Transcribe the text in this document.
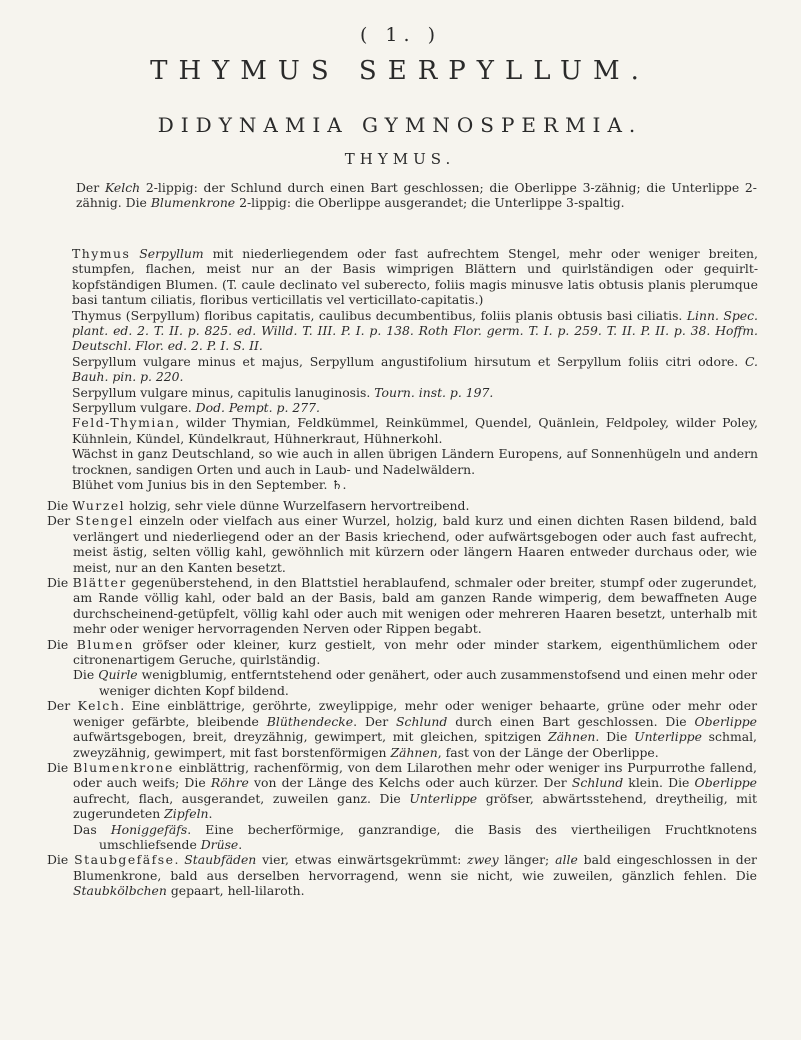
( 1. )
THYMUS SERPYLLUM.
DIDYNAMIA GYMNOSPERMIA.
THYMUS.

Der Kelch 2-lippig: der Schlund durch einen Bart geschlossen; die Oberlippe 3-zähnig; die Unterlippe 2-zähnig. Die Blumenkrone 2-lippig: die Oberlippe ausgerandet; die Unterlippe 3-spaltig.

Thymus Serpyllum mit niederliegendem oder fast aufrechtem Stengel, mehr oder weniger breiten, stumpfen, flachen, meist nur an der Basis wimprigen Blättern und quirlständigen oder gequirlt-kopfständigen Blumen. (T. caule declinato vel suberecto, foliis magis minusve latis obtusis planis plerumque basi tantum ciliatis, floribus verticillatis vel verticillato-capitatis.)

Thymus (Serpyllum) floribus capitatis, caulibus decumbentibus, foliis planis obtusis basi ciliatis. Linn. Spec. plant. ed. 2. T. II. p. 825. ed. Willd. T. III. P. I. p. 138. Roth Flor. germ. T. I. p. 259. T. II. P. II. p. 38. Hoffm. Deutschl. Flor. ed. 2. P. I. S. II.

Serpyllum vulgare minus et majus, Serpyllum angustifolium hirsutum et Serpyllum foliis citri odore. C. Bauh. pin. p. 220.

Serpyllum vulgare minus, capitulis lanuginosis. Tourn. inst. p. 197.

Serpyllum vulgare. Dod. Pempt. p. 277.

Feld-Thymian, wilder Thymian, Feldkümmel, Reinkümmel, Quendel, Quänlein, Feldpoley, wilder Poley, Kühnlein, Kündel, Kündelkraut, Hühnerkraut, Hühnerkohl.

Wächst in ganz Deutschland, so wie auch in allen übrigen Ländern Europens, auf Sonnenhügeln und andern trocknen, sandigen Orten und auch in Laub- und Nadelwäldern.

Blühet vom Junius bis in den September. ♄.

Die Wurzel holzig, sehr viele dünne Wurzelfasern hervortreibend.

Der Stengel einzeln oder vielfach aus einer Wurzel, holzig, bald kurz und einen dichten Rasen bildend, bald verlängert und niederliegend oder an der Basis kriechend, oder aufwärtsgebogen oder auch fast aufrecht, meist ästig, selten völlig kahl, gewöhnlich mit kürzern oder längern Haaren entweder durchaus oder, wie meist, nur an den Kanten besetzt.

Die Blätter gegenüberstehend, in den Blattstiel herablaufend, schmaler oder breiter, stumpf oder zugerundet, am Rande völlig kahl, oder bald an der Basis, bald am ganzen Rande wimperig, dem bewaffneten Auge durchscheinend-getüpfelt, völlig kahl oder auch mit wenigen oder mehreren Haaren besetzt, unterhalb mit mehr oder weniger hervorragenden Nerven oder Rippen begabt.

Die Blumen gröfser oder kleiner, kurz gestielt, von mehr oder minder starkem, eigenthümlichem oder citronenartigem Geruche, quirlständig.

Die Quirle wenigblumig, entferntstehend oder genähert, oder auch zusammenstofsend und einen mehr oder weniger dichten Kopf bildend.

Der Kelch. Eine einblättrige, geröhrte, zweylippige, mehr oder weniger behaarte, grüne oder mehr oder weniger gefärbte, bleibende Blüthendecke. Der Schlund durch einen Bart geschlossen. Die Oberlippe aufwärtsgebogen, breit, dreyzähnig, gewimpert, mit gleichen, spitzigen Zähnen. Die Unterlippe schmal, zweyzähnig, gewimpert, mit fast borstenförmigen Zähnen, fast von der Länge der Oberlippe.

Die Blumenkrone einblättrig, rachenförmig, von dem Lilarothen mehr oder weniger ins Purpurrothe fallend, oder auch weifs; Die Röhre von der Länge des Kelchs oder auch kürzer. Der Schlund klein. Die Oberlippe aufrecht, flach, ausgerandet, zuweilen ganz. Die Unterlippe gröfser, abwärtsstehend, dreytheilig, mit zugerundeten Zipfeln.

Das Honiggefäfs. Eine becherförmige, ganzrandige, die Basis des viertheiligen Fruchtknotens umschliefsende Drüse.

Die Staubgefäfse. Staubfäden vier, etwas einwärtsgekrümmt: zwey länger; alle bald eingeschlossen in der Blumenkrone, bald aus derselben hervorragend, wenn sie nicht, wie zuweilen, gänzlich fehlen. Die Staubkölbchen gepaart, hell-lilaroth.
